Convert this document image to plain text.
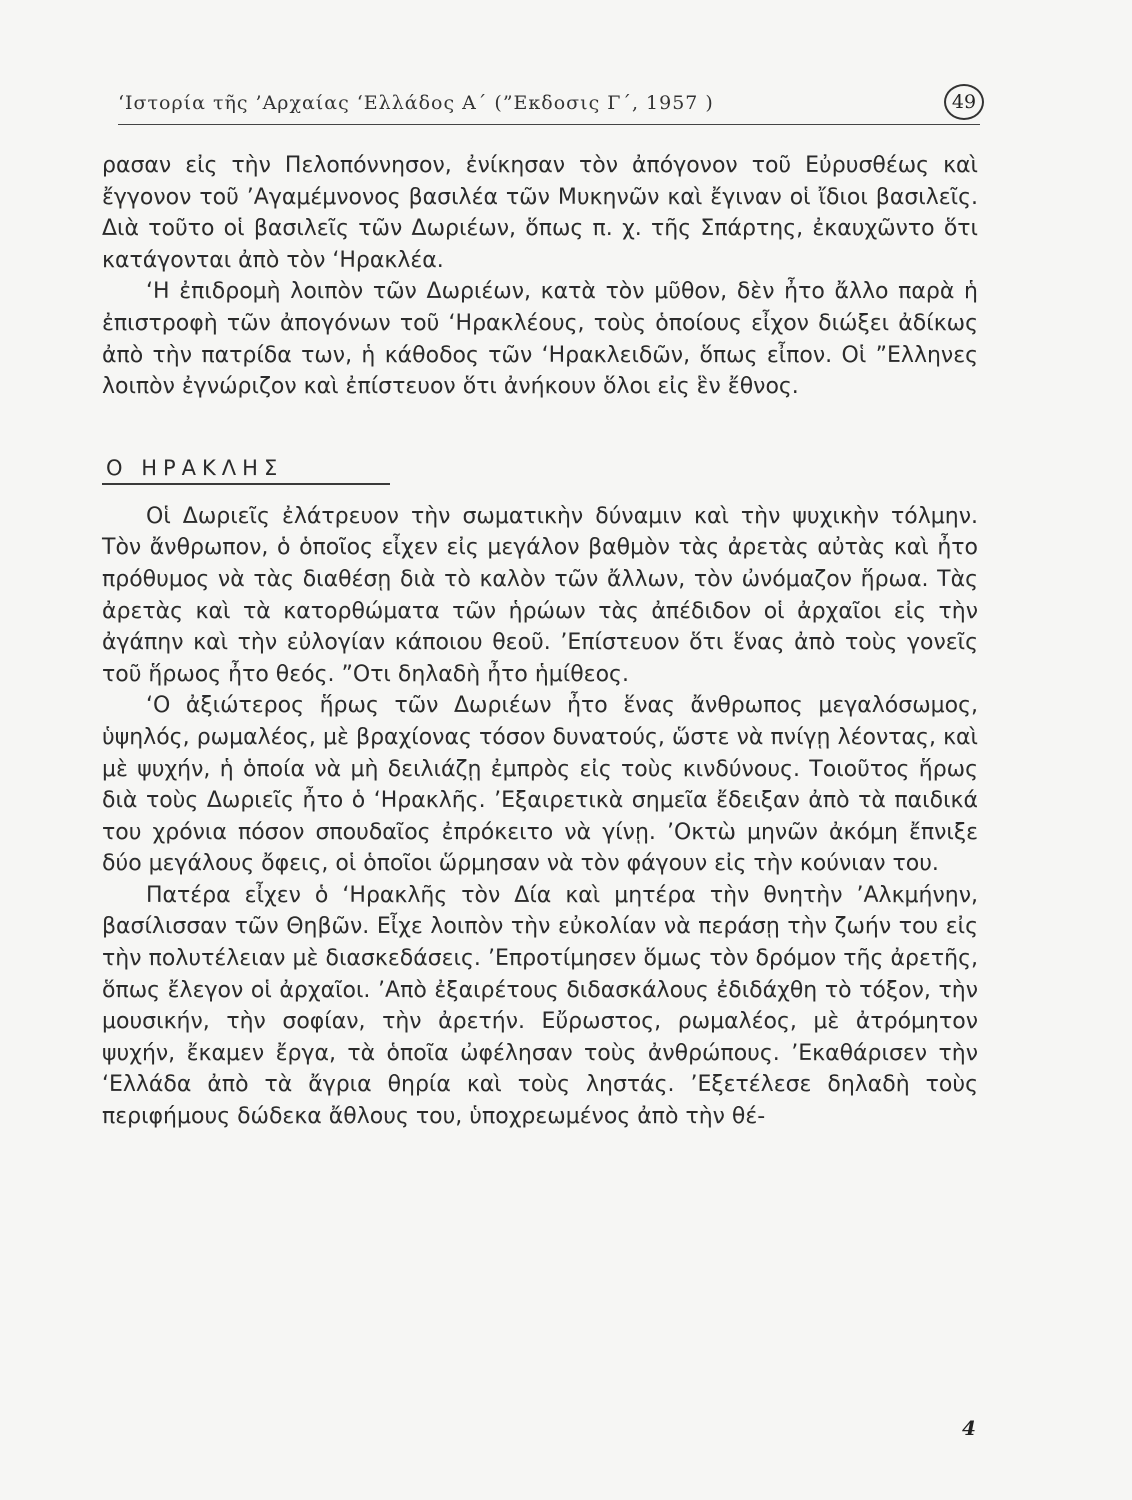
‘Ιστορία τῆς ’Αρχαίας ‘Ελλάδος Α΄ (”Εκδοσις Γ΄, 1957 )	49

ρασαν εἰς τὴν Πελοπόννησον, ἐνίκησαν τὸν ἀπόγονον τοῦ Εὐρυσθέως καὶ ἔγγονον τοῦ ’Αγαμέμνονος βασιλέα τῶν Μυκηνῶν καὶ ἔγιναν οἱ ἴδιοι βασιλεῖς. Διὰ τοῦτο οἱ βασιλεῖς τῶν Δωριέων, ὅπως π. χ. τῆς Σπάρτης, ἐκαυχῶντο ὅτι κατάγονται ἀπὸ τὸν ‘Ηρακλέα.

‘Η ἐπιδρομὴ λοιπὸν τῶν Δωριέων, κατὰ τὸν μῦθον, δὲν ἦτο ἄλλο παρὰ ἡ ἐπιστροφὴ τῶν ἀπογόνων τοῦ ‘Ηρακλέους, τοὺς ὁποίους εἶχον διώξει ἀδίκως ἀπὸ τὴν πατρίδα των, ἡ κάθοδος τῶν ‘Ηρακλειδῶν, ὅπως εἶπον. Οἱ ”Ελληνες λοιπὸν ἐγνώριζον καὶ ἐπίστευον ὅτι ἀνήκουν ὅλοι εἰς ἓν ἔθνος.

Ο ΗΡΑΚΛΗΣ

Οἱ Δωριεῖς ἐλάτρευον τὴν σωματικὴν δύναμιν καὶ τὴν ψυχικὴν τόλμην. Τὸν ἄνθρωπον, ὁ ὁποῖος εἶχεν εἰς μεγάλον βαθμὸν τὰς ἀρετὰς αὐτὰς καὶ ἦτο πρόθυμος νὰ τὰς διαθέσῃ διὰ τὸ καλὸν τῶν ἄλλων, τὸν ὠνόμαζον ἥρωα. Τὰς ἀρετὰς καὶ τὰ κατορθώματα τῶν ἡρώων τὰς ἀπέδιδον οἱ ἀρχαῖοι εἰς τὴν ἀγάπην καὶ τὴν εὐλογίαν κάποιου θεοῦ. ’Επίστευον ὅτι ἕνας ἀπὸ τοὺς γονεῖς τοῦ ἥρωος ἦτο θεός. ”Οτι δηλαδὴ ἦτο ἡμίθεος.

‘Ο ἀξιώτερος ἥρως τῶν Δωριέων ἦτο ἕνας ἄνθρωπος μεγαλόσωμος, ὑψηλός, ρωμαλέος, μὲ βραχίονας τόσον δυνατούς, ὥστε νὰ πνίγῃ λέοντας, καὶ μὲ ψυχήν, ἡ ὁποία νὰ μὴ δειλιάζῃ ἐμπρὸς εἰς τοὺς κινδύνους. Τοιοῦτος ἥρως διὰ τοὺς Δωριεῖς ἦτο ὁ ‘Ηρακλῆς. ’Εξαιρετικὰ σημεῖα ἔδειξαν ἀπὸ τὰ παιδικά του χρόνια πόσον σπουδαῖος ἐπρόκειτο νὰ γίνῃ. ’Οκτὼ μηνῶν ἀκόμη ἔπνιξε δύο μεγάλους ὄφεις, οἱ ὁποῖοι ὥρμησαν νὰ τὸν φάγουν εἰς τὴν κούνιαν του.

Πατέρα εἶχεν ὁ ‘Ηρακλῆς τὸν Δία καὶ μητέρα τὴν θνητὴν ’Αλκμήνην, βασίλισσαν τῶν Θηβῶν. Εἶχε λοιπὸν τὴν εὐκολίαν νὰ περάσῃ τὴν ζωήν του εἰς τὴν πολυτέλειαν μὲ διασκεδάσεις. ’Επροτίμησεν ὅμως τὸν δρόμον τῆς ἀρετῆς, ὅπως ἔλεγον οἱ ἀρχαῖοι. ’Απὸ ἐξαιρέτους διδασκάλους ἐδιδάχθη τὸ τόξον, τὴν μουσικήν, τὴν σοφίαν, τὴν ἀρετήν. Εὔρωστος, ρωμαλέος, μὲ ἀτρόμητον ψυχήν, ἔκαμεν ἔργα, τὰ ὁποῖα ὠφέλησαν τοὺς ἀνθρώπους. ’Εκαθάρισεν τὴν ‘Ελλάδα ἀπὸ τὰ ἄγρια θηρία καὶ τοὺς ληστάς. ’Εξετέλεσε δηλαδὴ τοὺς περιφήμους δώδεκα ἄθλους του, ὑποχρεωμένος ἀπὸ τὴν θέ-

4
